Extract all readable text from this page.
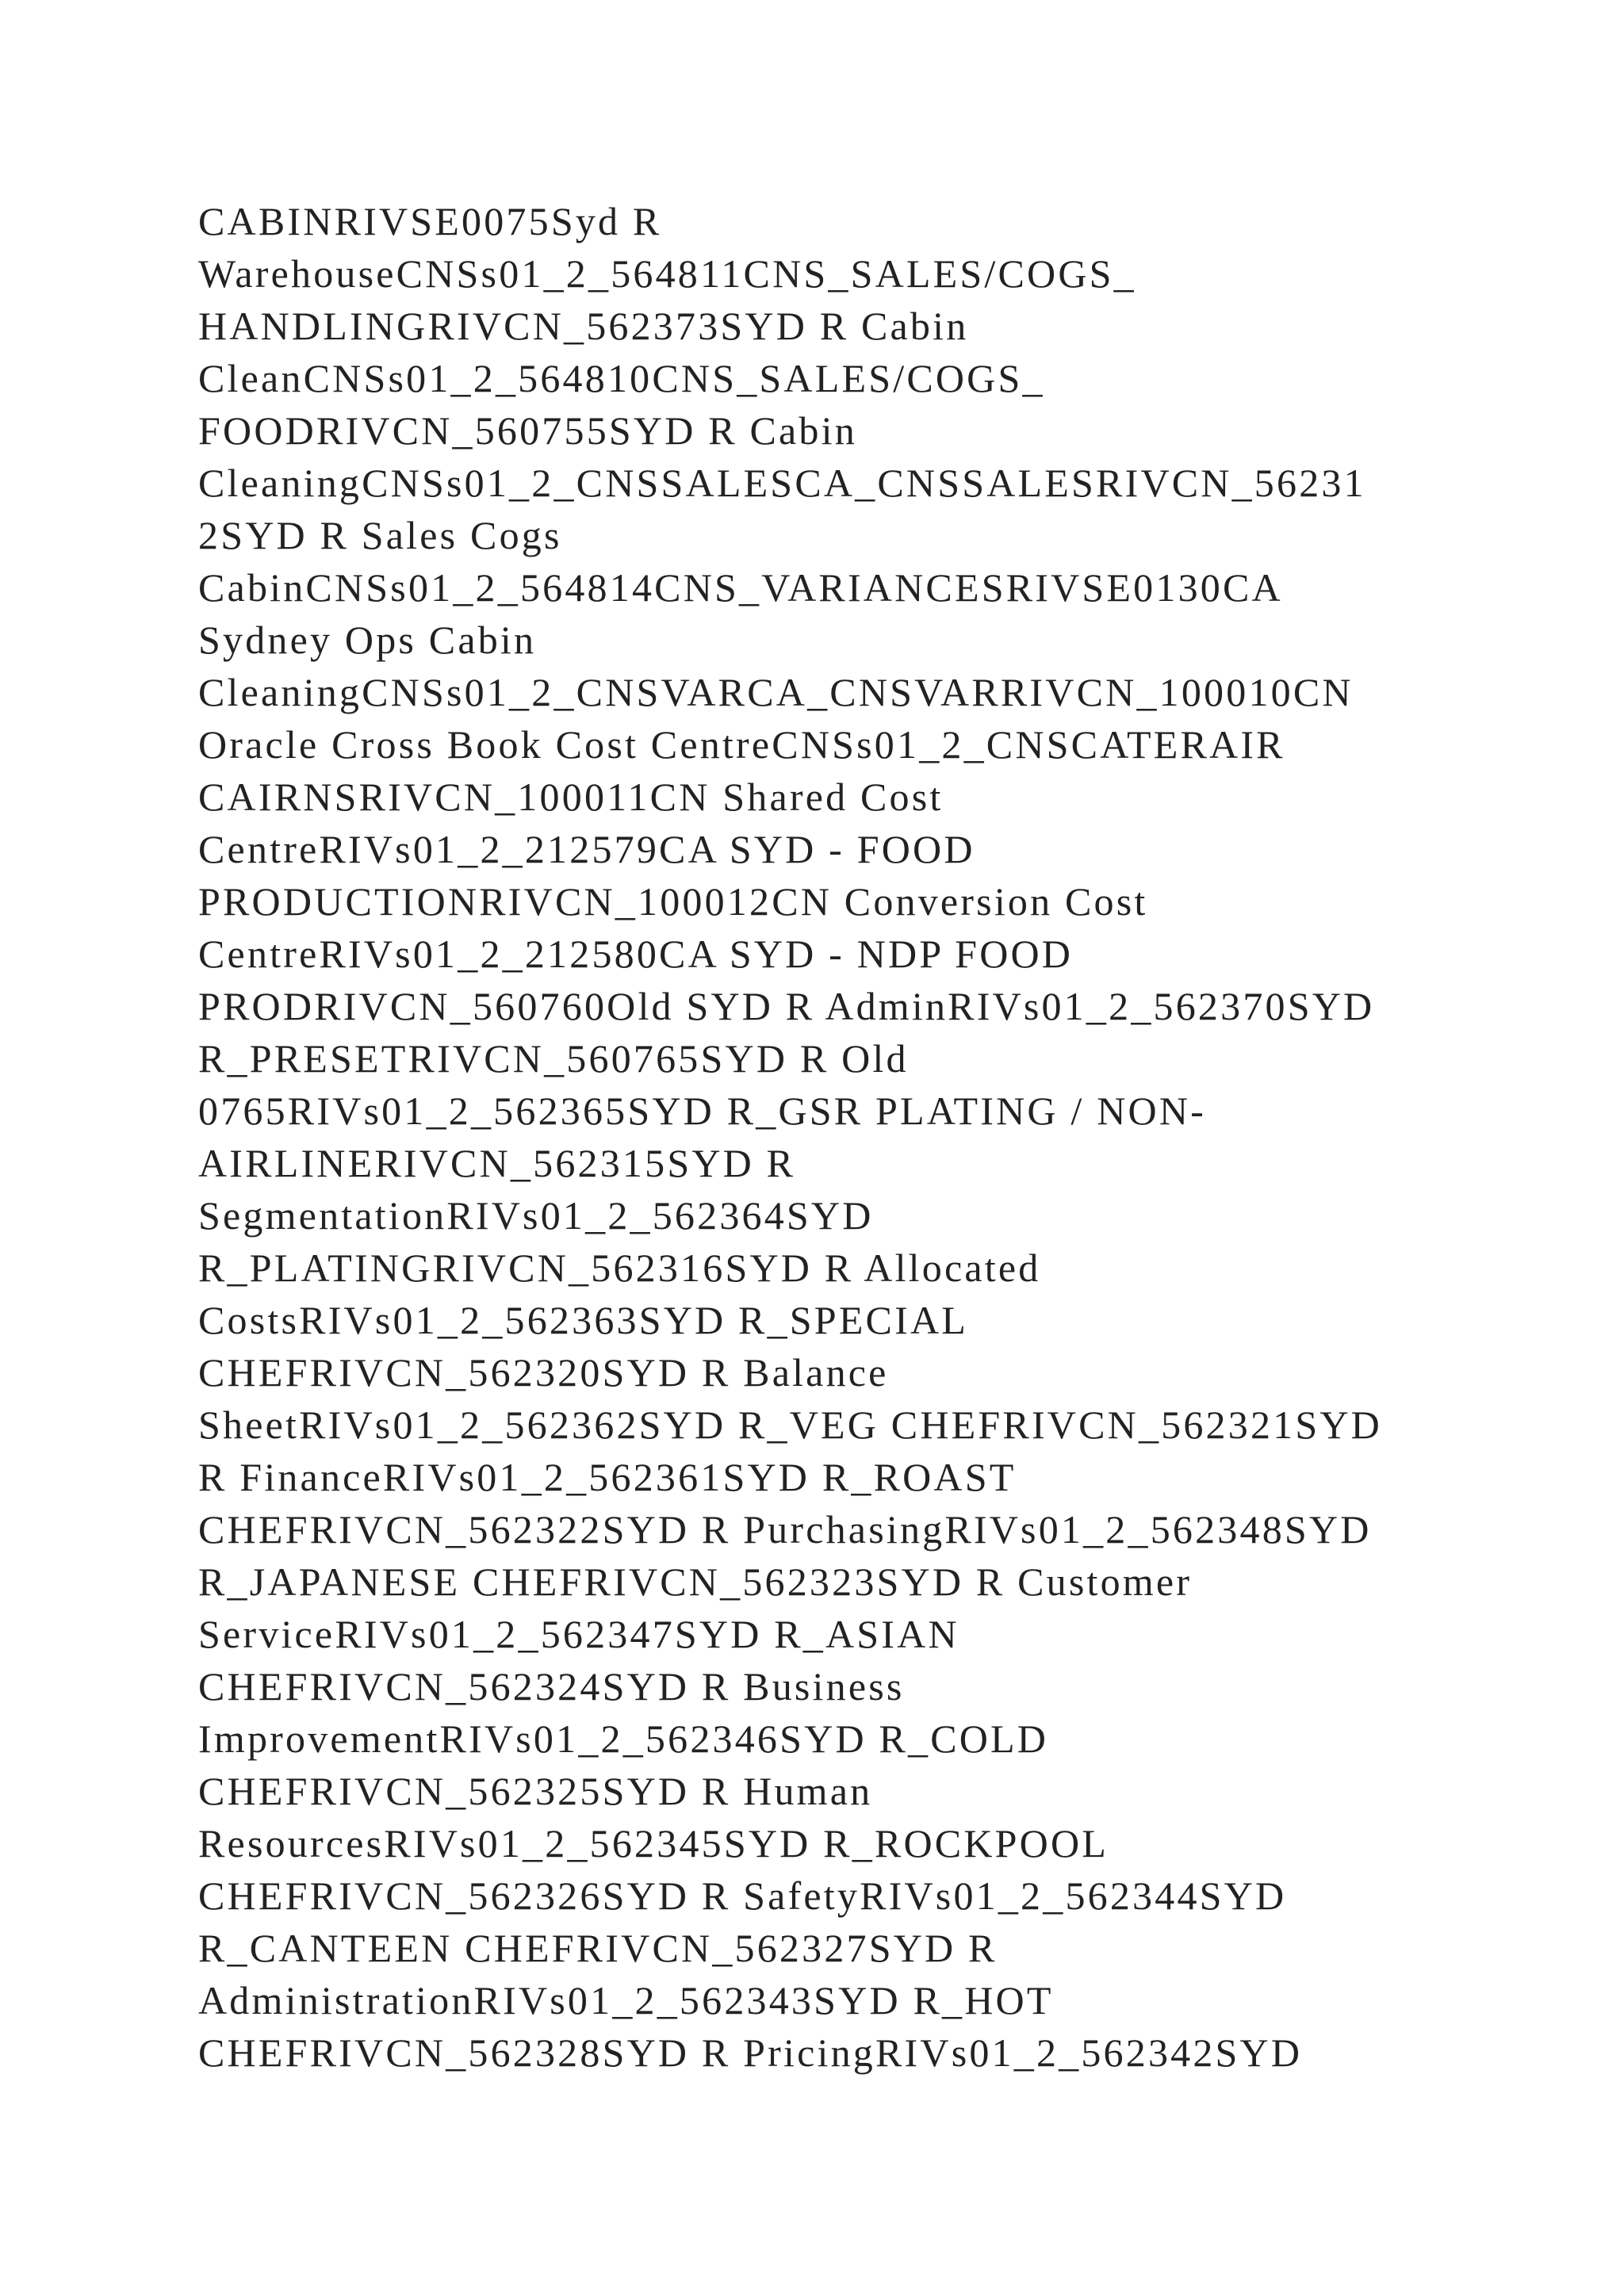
CABINRIVSE0075Syd R
WarehouseCNSs01_2_564811CNS_SALES/COGS_
HANDLINGRIVCN_562373SYD R Cabin
CleanCNSs01_2_564810CNS_SALES/COGS_
FOODRIVCN_560755SYD R Cabin
CleaningCNSs01_2_CNSSALESCA_CNSSALESRIVCN_56231
2SYD R Sales Cogs
CabinCNSs01_2_564814CNS_VARIANCESRIVSE0130CA
Sydney Ops Cabin
CleaningCNSs01_2_CNSVARCA_CNSVARRIVCN_100010CN
Oracle Cross Book Cost CentreCNSs01_2_CNSCATERAIR
CAIRNSRIVCN_100011CN Shared Cost
CentreRIVs01_2_212579CA SYD - FOOD
PRODUCTIONRIVCN_100012CN Conversion Cost
CentreRIVs01_2_212580CA SYD - NDP FOOD
PRODRIVCN_560760Old SYD R AdminRIVs01_2_562370SYD
R_PRESETRIVCN_560765SYD R Old
0765RIVs01_2_562365SYD R_GSR PLATING / NON-
AIRLINERIVCN_562315SYD R
SegmentationRIVs01_2_562364SYD
R_PLATINGRIVCN_562316SYD R Allocated
CostsRIVs01_2_562363SYD R_SPECIAL
CHEFRIVCN_562320SYD R Balance
SheetRIVs01_2_562362SYD R_VEG CHEFRIVCN_562321SYD
R FinanceRIVs01_2_562361SYD R_ROAST
CHEFRIVCN_562322SYD R PurchasingRIVs01_2_562348SYD
R_JAPANESE CHEFRIVCN_562323SYD R Customer
ServiceRIVs01_2_562347SYD R_ASIAN
CHEFRIVCN_562324SYD R Business
ImprovementRIVs01_2_562346SYD R_COLD
CHEFRIVCN_562325SYD R Human
ResourcesRIVs01_2_562345SYD R_ROCKPOOL
CHEFRIVCN_562326SYD R SafetyRIVs01_2_562344SYD
R_CANTEEN CHEFRIVCN_562327SYD R
AdministrationRIVs01_2_562343SYD R_HOT
CHEFRIVCN_562328SYD R PricingRIVs01_2_562342SYD
